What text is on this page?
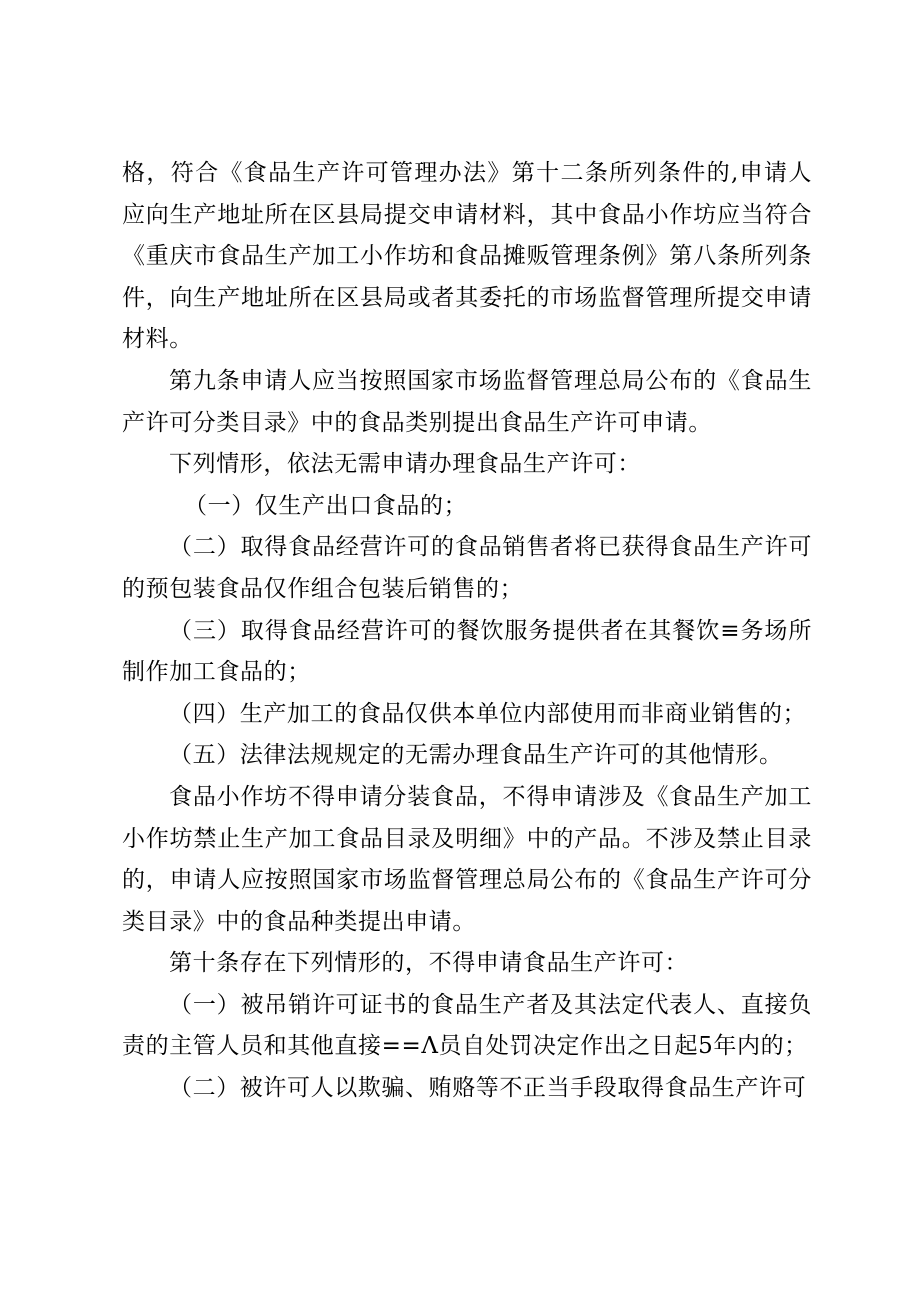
格，符合《食品生产许可管理办法》第十二条所列条件的,申请人应向生产地址所在区县局提交申请材料，其中食品小作坊应当符合《重庆市食品生产加工小作坊和食品摊贩管理条例》第八条所列条件，向生产地址所在区县局或者其委托的市场监督管理所提交申请材料。

第九条申请人应当按照国家市场监督管理总局公布的《食品生产许可分类目录》中的食品类别提出食品生产许可申请。

下列情形，依法无需申请办理食品生产许可：

（一）仅生产出口食品的；

（二）取得食品经营许可的食品销售者将已获得食品生产许可的预包装食品仅作组合包装后销售的；

（三）取得食品经营许可的餐饮服务提供者在其餐饮≡务场所制作加工食品的；

（四）生产加工的食品仅供本单位内部使用而非商业销售的；

（五）法律法规规定的无需办理食品生产许可的其他情形。

食品小作坊不得申请分装食品，不得申请涉及《食品生产加工小作坊禁止生产加工食品目录及明细》中的产品。不涉及禁止目录的，申请人应按照国家市场监督管理总局公布的《食品生产许可分类目录》中的食品种类提出申请。

第十条存在下列情形的，不得申请食品生产许可：

（一）被吊销许可证书的食品生产者及其法定代表人、直接负责的主管人员和其他直接==Λ员自处罚决定作出之日起5年内的；

（二）被许可人以欺骗、贿赂等不正当手段取得食品生产许可
